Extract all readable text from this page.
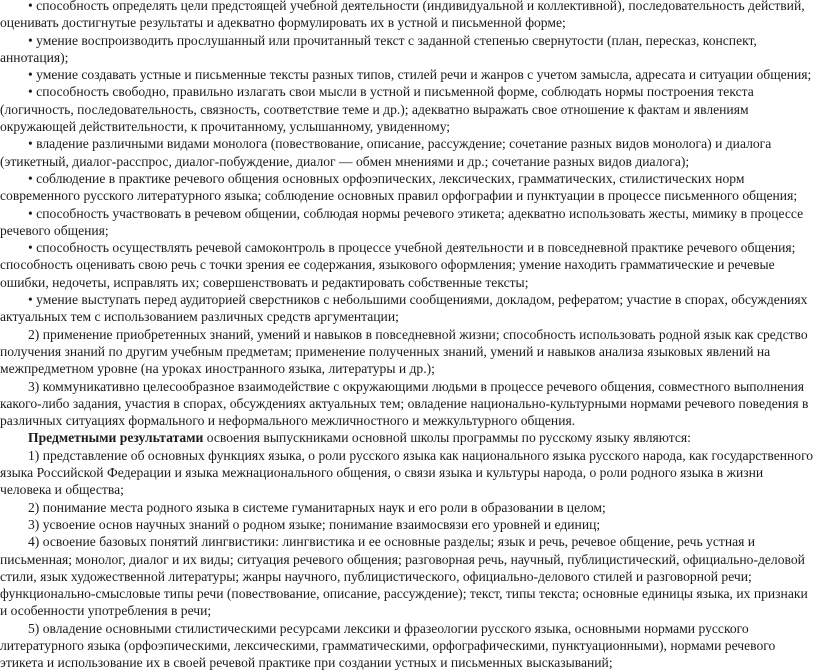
• способность определять цели предстоящей учебной деятельности (индивидуальной и коллективной), последовательность действий, оценивать достигнутые результаты и адекватно формулировать их в устной и письменной форме;

• умение воспроизводить прослушанный или прочитанный текст с заданной степенью свернутости (план, пересказ, конспект, аннотация);

• умение создавать устные и письменные тексты разных типов, стилей речи и жанров с учетом замысла, адресата и ситуации общения;

• способность свободно, правильно излагать свои мысли в устной и письменной форме, соблюдать нормы построения текста (логичность, последовательность, связность, соответствие теме и др.); адекватно выражать свое отношение к фактам и явлениям окружающей действительности, к прочитанному, услышанному, увиденному;

• владение различными видами монолога (повествование, описание, рассуждение; сочетание разных видов монолога) и диалога (этикетный, диалог-расспрос, диалог-побуждение, диалог — обмен мнениями и др.; сочетание разных видов диалога);

• соблюдение в практике речевого общения основных орфоэпических, лексических, грамматических, стилистических норм современного русского литературного языка; соблюдение основных правил орфографии и пунктуации в процессе письменного общения;

• способность участвовать в речевом общении, соблюдая нормы речевого этикета; адекватно использовать жесты, мимику в процессе речевого общения;

• способность осуществлять речевой самоконтроль в процессе учебной деятельности и в повседневной практике речевого общения; способность оценивать свою речь с точки зрения ее содержания, языкового оформления; умение находить грамматические и речевые ошибки, недочеты, исправлять их; совершенствовать и редактировать собственные тексты;

• умение выступать перед аудиторией сверстников с небольшими сообщениями, докладом, рефератом; участие в спорах, обсуждениях актуальных тем с использованием различных средств аргументации;

2) применение приобретенных знаний, умений и навыков в повседневной жизни; способность использовать родной язык как средство получения знаний по другим учебным предметам; применение полученных знаний, умений и навыков анализа языковых явлений на межпредметном уровне (на уроках иностранного языка, литературы и др.);

3) коммуникативно целесообразное взаимодействие с окружающими людьми в процессе речевого общения, совместного выполнения какого-либо задания, участия в спорах, обсуждениях актуальных тем; овладение национально-культурными нормами речевого поведения в различных ситуациях формального и неформального межличностного и межкультурного общения.

Предметными результатами освоения выпускниками основной школы программы по русскому языку являются:

1) представление об основных функциях языка, о роли русского языка как национального языка русского народа, как государственного языка Российской Федерации и языка межнационального общения, о связи языка и культуры народа, о роли родного языка в жизни человека и общества;

2) понимание места родного языка в системе гуманитарных наук и его роли в образовании в целом;

3) усвоение основ научных знаний о родном языке; понимание взаимосвязи его уровней и единиц;

4) освоение базовых понятий лингвистики: лингвистика и ее основные разделы; язык и речь, речевое общение, речь устная и письменная; монолог, диалог и их виды; ситуация речевого общения; разговорная речь, научный, публицистический, официально-деловой стили, язык художественной литературы; жанры научного, публицистического, официально-делового стилей и разговорной речи; функционально-смысловые типы речи (повествование, описание, рассуждение); текст, типы текста; основные единицы языка, их признаки и особенности употребления в речи;

5) овладение основными стилистическими ресурсами лексики и фразеологии русского языка, основными нормами русского литературного языка (орфоэпическими, лексическими, грамматическими, орфографическими, пунктуационными), нормами речевого этикета и использование их в своей речевой практике при создании устных и письменных высказываний;
